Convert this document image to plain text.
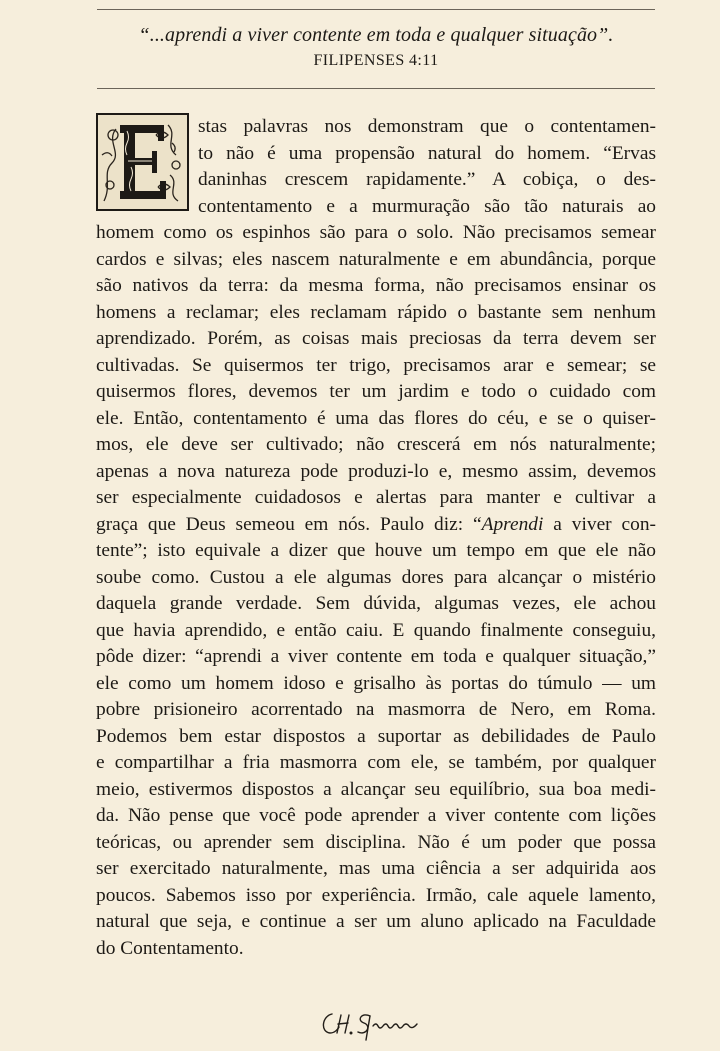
“...aprendi a viver contente em toda e qualquer situação”.
FILIPENSES 4:11
stas palavras nos demonstram que o contentamen-
to não é uma propensão natural do homem. “Ervas
daninhas crescem rapidamente.” A cobiça, o des-
contentamento e a murmuração são tão naturais ao
homem como os espinhos são para o solo. Não precisamos semear
cardos e silvas; eles nascem naturalmente e em abundância, porque
são nativos da terra: da mesma forma, não precisamos ensinar os
homens a reclamar; eles reclamam rápido o bastante sem nenhum
aprendizado. Porém, as coisas mais preciosas da terra devem ser
cultivadas. Se quisermos ter trigo, precisamos arar e semear; se
quisermos flores, devemos ter um jardim e todo o cuidado com
ele. Então, contentamento é uma das flores do céu, e se o quiser-
mos, ele deve ser cultivado; não crescerá em nós naturalmente;
apenas a nova natureza pode produzi-lo e, mesmo assim, devemos
ser especialmente cuidadosos e alertas para manter e cultivar a
graça que Deus semeou em nós. Paulo diz: “Aprendi a viver con-
tente”; isto equivale a dizer que houve um tempo em que ele não
soube como. Custou a ele algumas dores para alcançar o mistério
daquela grande verdade. Sem dúvida, algumas vezes, ele achou
que havia aprendido, e então caiu. E quando finalmente conseguiu,
pôde dizer: “aprendi a viver contente em toda e qualquer situação,”
ele como um homem idoso e grisalho às portas do túmulo — um
pobre prisioneiro acorrentado na masmorra de Nero, em Roma.
Podemos bem estar dispostos a suportar as debilidades de Paulo
e compartilhar a fria masmorra com ele, se também, por qualquer
meio, estivermos dispostos a alcançar seu equilíbrio, sua boa medi-
da. Não pense que você pode aprender a viver contente com lições
teóricas, ou aprender sem disciplina. Não é um poder que possa
ser exercitado naturalmente, mas uma ciência a ser adquirida aos
poucos. Sabemos isso por experiência. Irmão, cale aquele lamento,
natural que seja, e continue a ser um aluno aplicado na Faculdade
do Contentamento.
